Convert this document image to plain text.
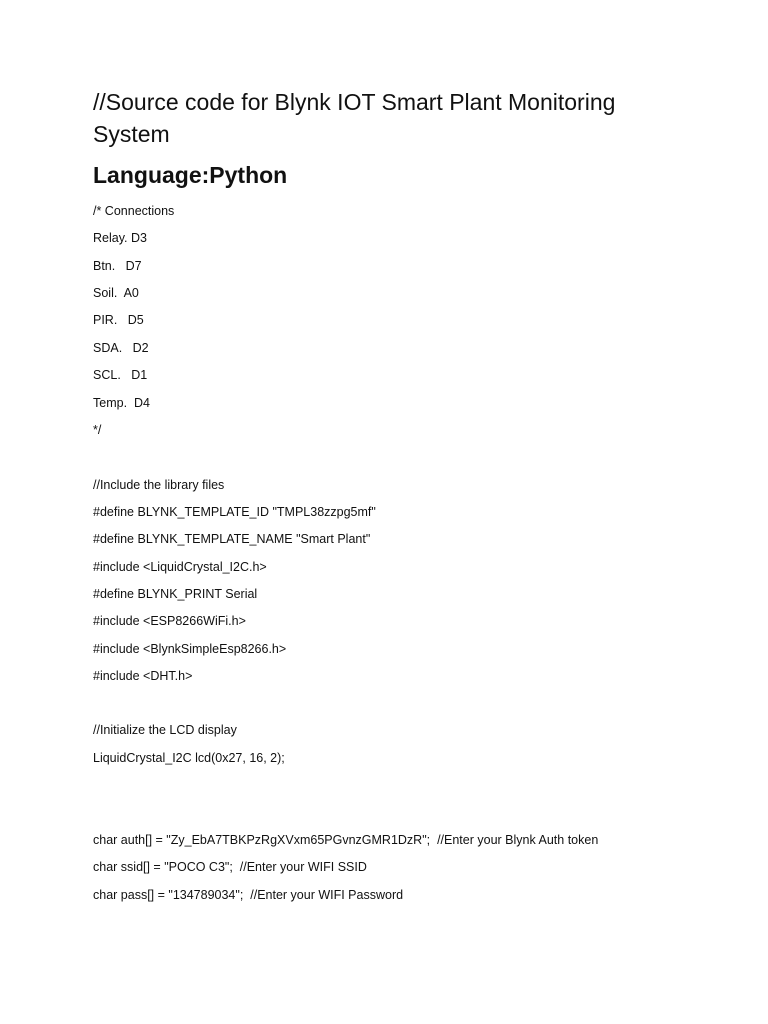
//Source code for Blynk IOT Smart Plant Monitoring System
Language:Python

/* Connections

Relay. D3

Btn.   D7

Soil.  A0

PIR.   D5

SDA.   D2

SCL.   D1

Temp.  D4

*/

//Include the library files

#define BLYNK_TEMPLATE_ID "TMPL38zzpg5mf"

#define BLYNK_TEMPLATE_NAME "Smart Plant"

#include <LiquidCrystal_I2C.h>

#define BLYNK_PRINT Serial

#include <ESP8266WiFi.h>

#include <BlynkSimpleEsp8266.h>

#include <DHT.h>

//Initialize the LCD display

LiquidCrystal_I2C lcd(0x27, 16, 2);

char auth[] = "Zy_EbA7TBKPzRgXVxm65PGvnzGMR1DzR";  //Enter your Blynk Auth token

char ssid[] = "POCO C3";  //Enter your WIFI SSID

char pass[] = "134789034";  //Enter your WIFI Password
